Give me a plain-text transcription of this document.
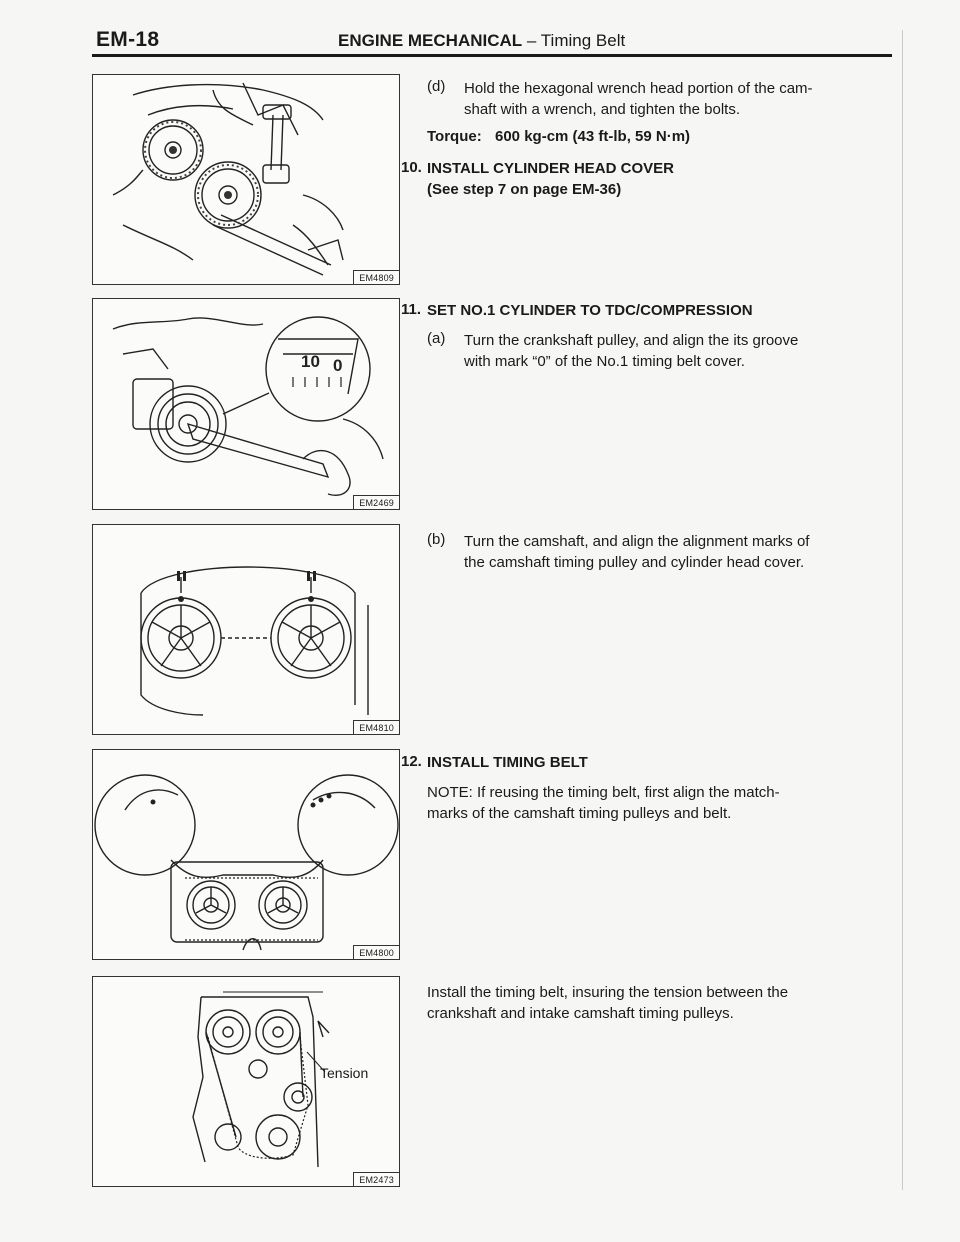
EM-18	ENGINE MECHANICAL – Timing Belt
EM4809
10 0
EM2469
EM4810
EM4800
Tension
EM2473
(d) Hold the hexagonal wrench head portion of the cam-
shaft with a wrench, and tighten the bolts.
Torque: 600 kg-cm (43 ft-lb, 59 N·m)
10. INSTALL CYLINDER HEAD COVER
(See step 7 on page EM-36)
11. SET NO.1 CYLINDER TO TDC/COMPRESSION
(a) Turn the crankshaft pulley, and align the its groove
with mark “0” of the No.1 timing belt cover.
(b) Turn the camshaft, and align the alignment marks of
the camshaft timing pulley and cylinder head cover.
12. INSTALL TIMING BELT
NOTE: If reusing the timing belt, first align the match-
marks of the camshaft timing pulleys and belt.
Install the timing belt, insuring the tension between the
crankshaft and intake camshaft timing pulleys.
